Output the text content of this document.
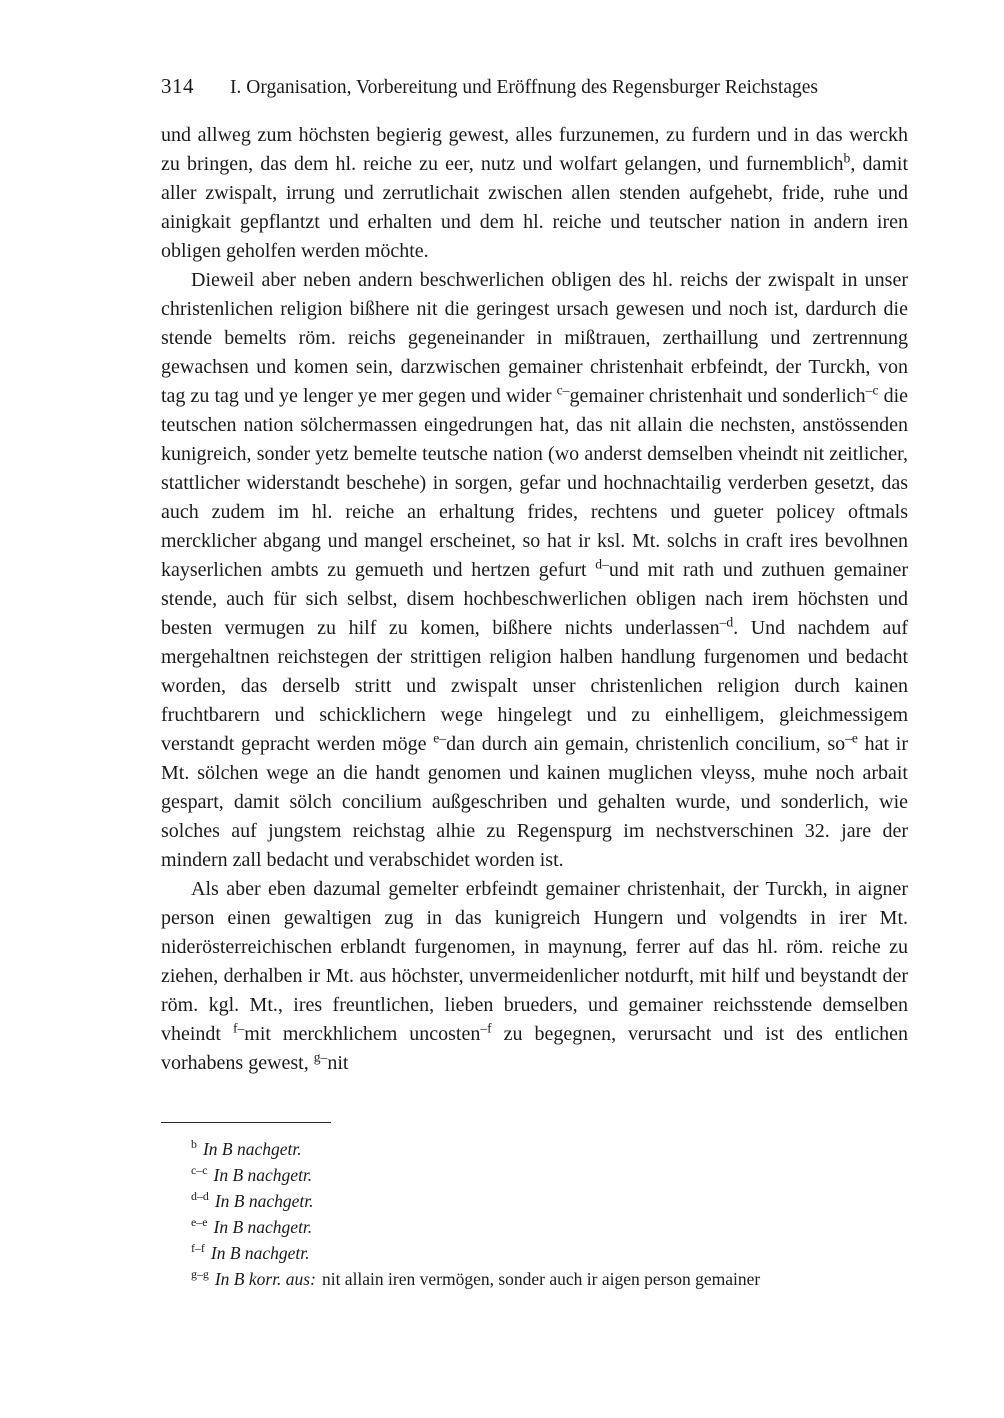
314 I. Organisation, Vorbereitung und Eröffnung des Regensburger Reichstages

und allweg zum höchsten begierig gewest, alles furzunemen, zu furdern und in das werckh zu bringen, das dem hl. reiche zu eer, nutz und wolfart gelangen, und furnemblich$^b$, damit aller zwispalt, irrung und zerrutlichait zwischen allen stenden aufgehebt, fride, ruhe und ainigkait gepflantzt und erhalten und dem hl. reiche und teutscher nation in andern iren obligen geholfen werden möchte.

Dieweil aber neben andern beschwerlichen obligen des hl. reichs der zwispalt in unser christenlichen religion bißhere nit die geringest ursach gewesen und noch ist, dardurch die stende bemelts röm. reichs gegeneinander in mißtrauen, zerthaillung und zertrennung gewachsen und komen sein, darzwischen gemainer christenhait erbfeindt, der Turckh, von tag zu tag und ye lenger ye mer gegen und wider $^{c-}$gemainer christenhait und sonderlich$^{-c}$ die teutschen nation sölchermassen eingedrungen hat, das nit allain die nechsten, anstössenden kunigreich, sonder yetz bemelte teutsche nation (wo anderst demselben vheindt nit zeitlicher, stattlicher widerstandt beschehe) in sorgen, gefar und hochnachtailig verderben gesetzt, das auch zudem im hl. reiche an erhaltung frides, rechtens und gueter policey oftmals mercklicher abgang und mangel erscheinet, so hat ir ksl. Mt. solchs in craft ires bevolhnen kayserlichen ambts zu gemueth und hertzen gefurt $^{d-}$und mit rath und zuthuen gemainer stende, auch für sich selbst, disem hochbeschwerlichen obligen nach irem höchsten und besten vermugen zu hilf zu komen, bißhere nichts underlassen$^{-d}$. Und nachdem auf mergehaltnen reichstegen der strittigen religion halben handlung furgenomen und bedacht worden, das derselb stritt und zwispalt unser christenlichen religion durch kainen fruchtbarern und schicklichern wege hingelegt und zu einhelligem, gleichmessigem verstandt gepracht werden möge $^{e-}$dan durch ain gemain, christenlich concilium, $so^{-e}$ hat ir Mt. sölchen wege an die handt genomen und kainen muglichen vleyss, muhe noch arbait gespart, damit sölch concilium außgeschriben und gehalten wurde, und sonderlich, wie solches auf jungstem reichstag alhie zu Regenspurg im nechstverschinen 32. jare der mindern zall bedacht und verabschidet worden ist.

Als aber eben dazumal gemelter erbfeindt gemainer christenhait, der Turckh, in aigner person einen gewaltigen zug in das kunigreich Hungern und volgendts in irer Mt. niderösterreichischen erblandt furgenomen, in maynung, ferrer auf das hl. röm. reiche zu ziehen, derhalben ir Mt. aus höchster, unvermeidenlicher notdurft, mit hilf und beystandt der röm. kgl. Mt., ires freuntlichen, lieben brueders, und gemainer reichsstende demselben vheindt $^{f-}$mit merckhlichem uncosten$^{-f}$ zu begegnen, verursacht und ist des entlichen vorhabens gewest, $^{g-}$nit

$^b$ In B nachgetr.
$^{c-c}$ In B nachgetr.
$^{d-d}$ In B nachgetr.
$^{e-e}$ In B nachgetr.
$^{f-f}$ In B nachgetr.
$^{g-g}$ In B korr. aus: nit allain iren vermögen, sonder auch ir aigen person gemainer
